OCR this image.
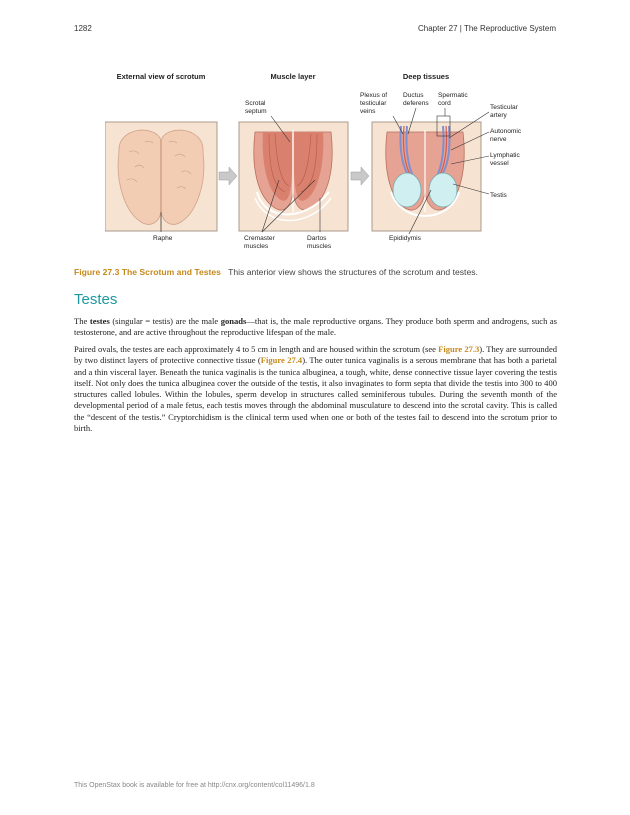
1282	Chapter 27 | The Reproductive System
External view of scrotum	Muscle layer	Deep tissues
Raphe
Scrotal
septum
Cremaster
muscles
Dartos
muscles
Plexus of
testicular
veins
Ductus
deferens
Spermatic
cord
Testicular
artery
Autonomic
nerve
Lymphatic
vessel
Testis
Epididymis
Figure 27.3 The Scrotum and Testes This anterior view shows the structures of the scrotum and testes.
Testes
The testes (singular = testis) are the male gonads—that is, the male reproductive organs. They produce both sperm and androgens, such as testosterone, and are active throughout the reproductive lifespan of the male.
Paired ovals, the testes are each approximately 4 to 5 cm in length and are housed within the scrotum (see Figure 27.3). They are surrounded by two distinct layers of protective connective tissue (Figure 27.4). The outer tunica vaginalis is a serous membrane that has both a parietal and a thin visceral layer. Beneath the tunica vaginalis is the tunica albuginea, a tough, white, dense connective tissue layer covering the testis itself. Not only does the tunica albuginea cover the outside of the testis, it also invaginates to form septa that divide the testis into 300 to 400 structures called lobules. Within the lobules, sperm develop in structures called seminiferous tubules. During the seventh month of the developmental period of a male fetus, each testis moves through the abdominal musculature to descend into the scrotal cavity. This is called the “descent of the testis.” Cryptorchidism is the clinical term used when one or both of the testes fail to descend into the scrotum prior to birth.
This OpenStax book is available for free at http://cnx.org/content/col11496/1.8
